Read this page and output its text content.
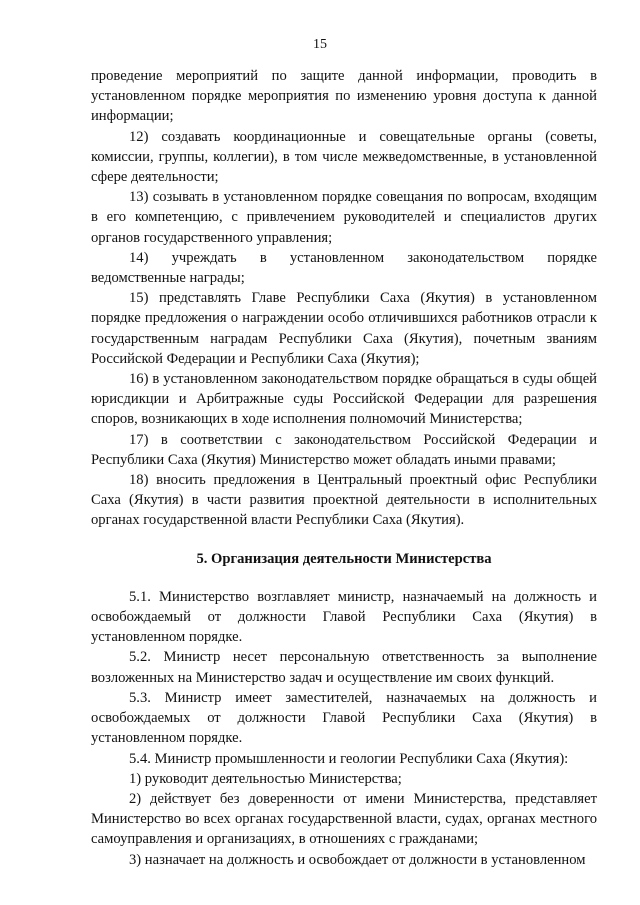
15

проведение мероприятий по защите данной информации, проводить в установленном порядке мероприятия по изменению уровня доступа к данной информации;

12) создавать координационные и совещательные органы (советы, комиссии, группы, коллегии), в том числе межведомственные, в установленной сфере деятельности;

13) созывать в установленном порядке совещания по вопросам, входящим в его компетенцию, с привлечением руководителей и специалистов других органов государственного управления;

14) учреждать в установленном законодательством порядке ведомственные награды;

15) представлять Главе Республики Саха (Якутия) в установленном порядке предложения о награждении особо отличившихся работников отрасли к государственным наградам Республики Саха (Якутия), почетным званиям Российской Федерации и Республики Саха (Якутия);

16) в установленном законодательством порядке обращаться в суды общей юрисдикции и Арбитражные суды Российской Федерации для разрешения споров, возникающих в ходе исполнения полномочий Министерства;

17) в соответствии с законодательством Российской Федерации и Республики Саха (Якутия) Министерство может обладать иными правами;

18) вносить предложения в Центральный проектный офис Республики Саха (Якутия) в части развития проектной деятельности в исполнительных органах государственной власти Республики Саха (Якутия).

5. Организация деятельности Министерства

5.1. Министерство возглавляет министр, назначаемый на должность и освобождаемый от должности Главой Республики Саха (Якутия) в установленном порядке.

5.2. Министр несет персональную ответственность за выполнение возложенных на Министерство задач и осуществление им своих функций.

5.3. Министр имеет заместителей, назначаемых на должность и освобождаемых от должности Главой Республики Саха (Якутия) в установленном порядке.

5.4. Министр промышленности и геологии Республики Саха (Якутия):

1) руководит деятельностью Министерства;

2) действует без доверенности от имени Министерства, представляет Министерство во всех органах государственной власти, судах, органах местного самоуправления и организациях, в отношениях с гражданами;

3) назначает на должность и освобождает от должности в установленном
